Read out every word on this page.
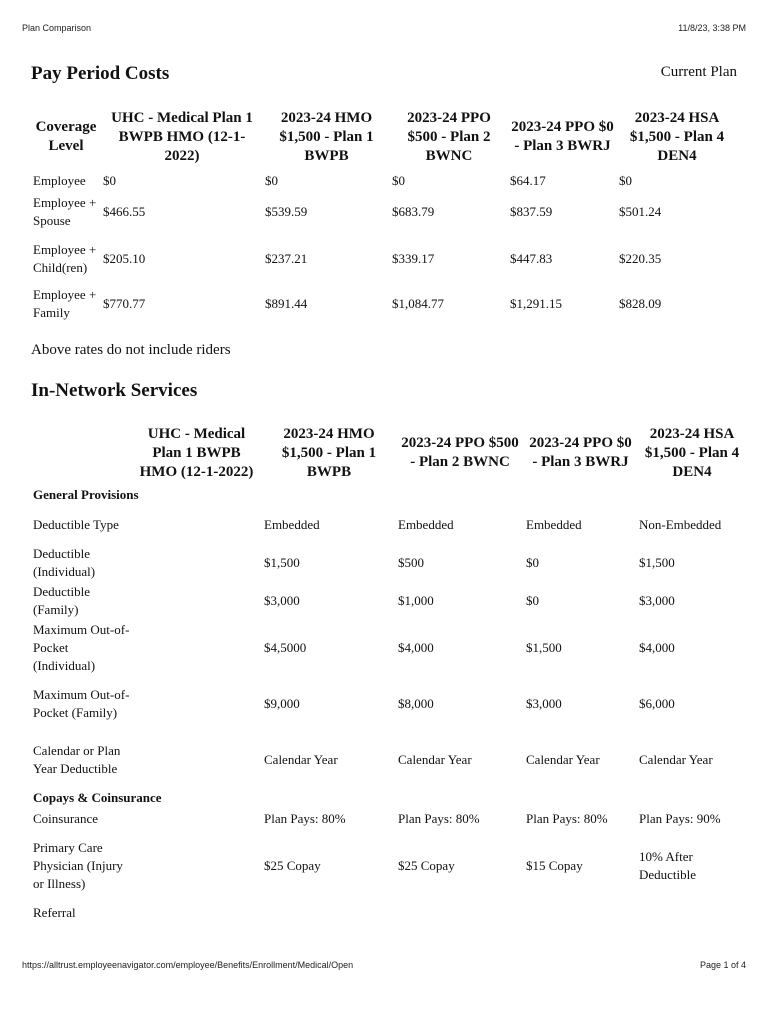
Plan Comparison	11/8/23, 3:38 PM
Pay Period Costs	Current Plan
Coverage Level	UHC - Medical Plan 1 BWPB HMO (12-1-2022)	2023-24 HMO $1,500 - Plan 1 BWPB	2023-24 PPO $500 - Plan 2 BWNC	2023-24 PPO $0 - Plan 3 BWRJ	2023-24 HSA $1,500 - Plan 4 DEN4
Employee	$0	$0	$0	$64.17	$0
Employee + Spouse	$466.55	$539.59	$683.79	$837.59	$501.24
Employee + Child(ren)	$205.10	$237.21	$339.17	$447.83	$220.35
Employee + Family	$770.77	$891.44	$1,084.77	$1,291.15	$828.09
Above rates do not include riders
In-Network Services
	UHC - Medical Plan 1 BWPB HMO (12-1-2022)	2023-24 HMO $1,500 - Plan 1 BWPB	2023-24 PPO $500 - Plan 2 BWNC	2023-24 PPO $0 - Plan 3 BWRJ	2023-24 HSA $1,500 - Plan 4 DEN4
General Provisions					
Deductible Type		Embedded	Embedded	Embedded	Non-Embedded
Deductible (Individual)		$1,500	$500	$0	$1,500
Deductible (Family)		$3,000	$1,000	$0	$3,000
Maximum Out-of-Pocket (Individual)		$4,5000	$4,000	$1,500	$4,000
Maximum Out-of-Pocket (Family)		$9,000	$8,000	$3,000	$6,000
Calendar or Plan Year Deductible		Calendar Year	Calendar Year	Calendar Year	Calendar Year
Copays & Coinsurance					
Coinsurance		Plan Pays: 80%	Plan Pays: 80%	Plan Pays: 80%	Plan Pays: 90%
Primary Care Physician (Injury or Illness)		$25 Copay	$25 Copay	$15 Copay	10% After Deductible
Referral					
https://alltrust.employeenavigator.com/employee/Benefits/Enrollment/Medical/Open	Page 1 of 4
